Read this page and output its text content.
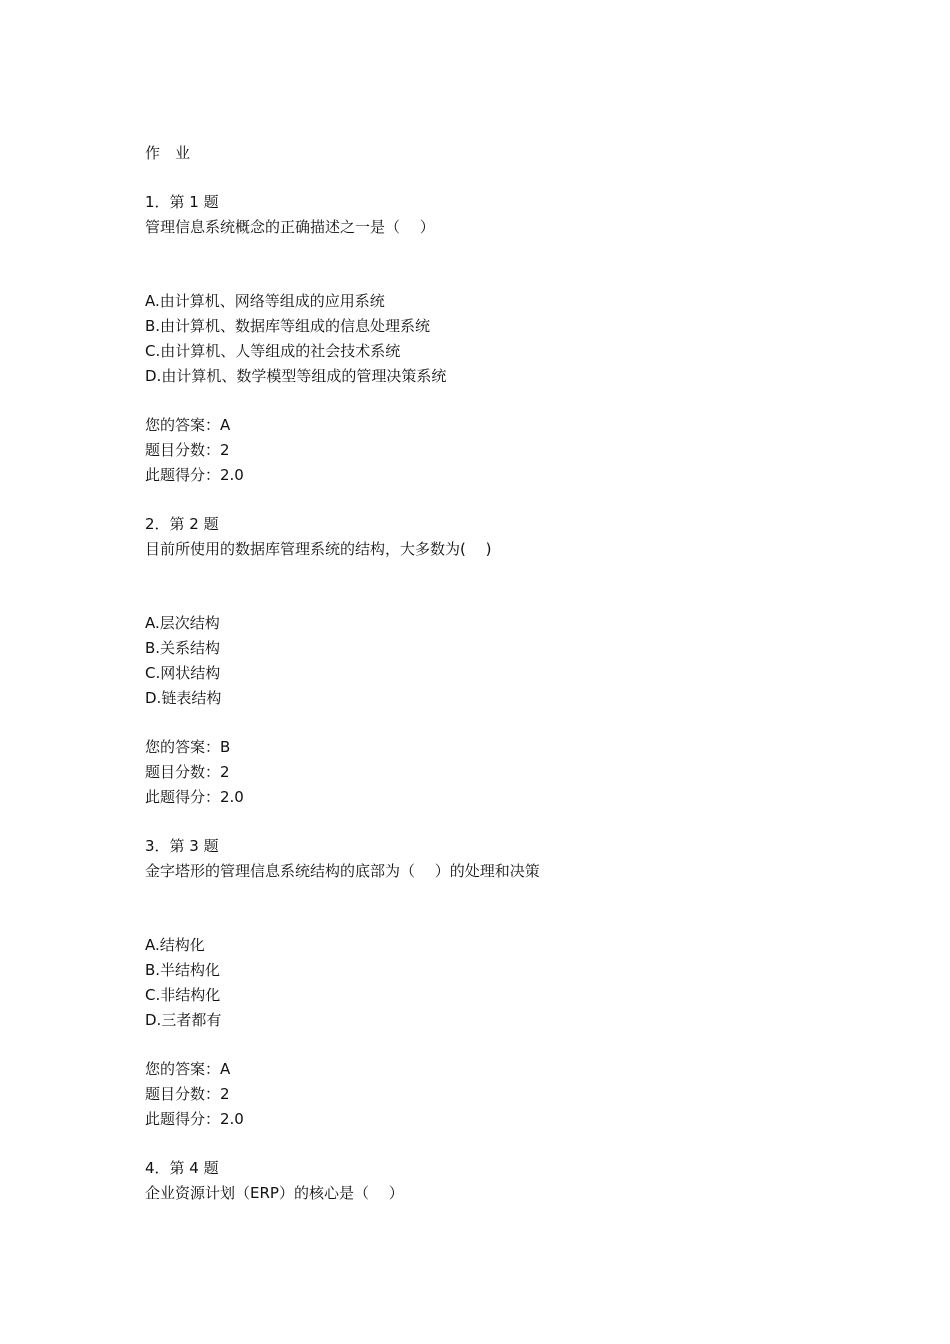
作　业
1．第 1 题
管理信息系统概念的正确描述之一是（　 ）
A.由计算机、网络等组成的应用系统
B.由计算机、数据库等组成的信息处理系统
C.由计算机、人等组成的社会技术系统
D.由计算机、数学模型等组成的管理决策系统
您的答案：A
题目分数：2
此题得分：2.0
2．第 2 题
目前所使用的数据库管理系统的结构，大多数为(　 )
A.层次结构
B.关系结构
C.网状结构
D.链表结构
您的答案：B
题目分数：2
此题得分：2.0
3．第 3 题
金字塔形的管理信息系统结构的底部为（　 ）的处理和决策
A.结构化
B.半结构化
C.非结构化
D.三者都有
您的答案：A
题目分数：2
此题得分：2.0
4．第 4 题
企业资源计划（ERP）的核心是（　 ）
